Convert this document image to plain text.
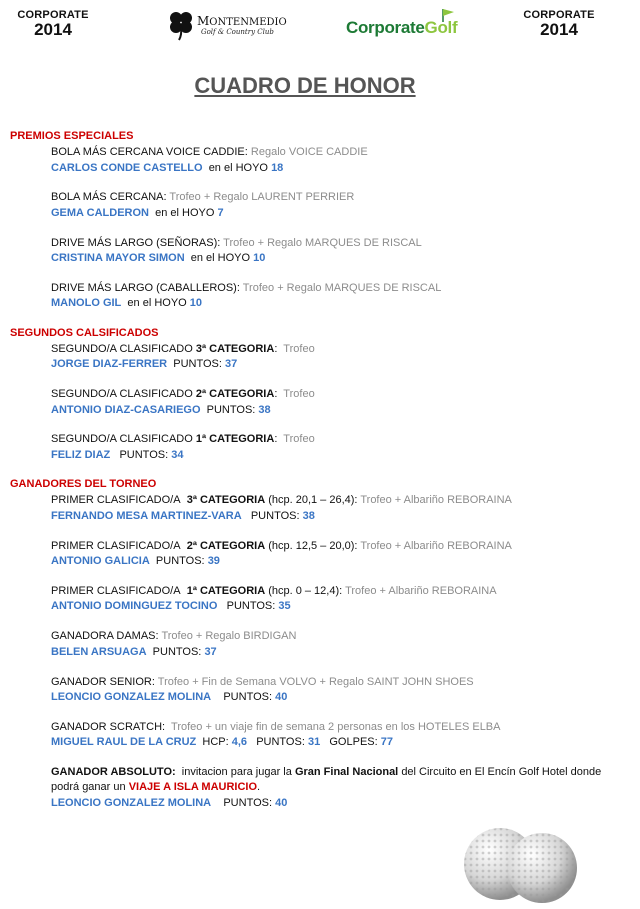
CORPORATE
2014	MONTENMEDIO
Golf & Country Club	CorporateGolf
CORPORATE
2014
CUADRO DE HONOR
PREMIOS ESPECIALES
BOLA MÁS CERCANA VOICE CADDIE: Regalo VOICE CADDIE
CARLOS CONDE CASTELLO en el HOYO 18
BOLA MÁS CERCANA: Trofeo + Regalo LAURENT PERRIER
GEMA CALDERON en el HOYO 7
DRIVE MÁS LARGO (SEÑORAS): Trofeo + Regalo MARQUES DE RISCAL
CRISTINA MAYOR SIMON en el HOYO 10
DRIVE MÁS LARGO (CABALLEROS): Trofeo + Regalo MARQUES DE RISCAL
MANOLO GIL en el HOYO 10
SEGUNDOS CALSIFICADOS
SEGUNDO/A CLASIFICADO 3ª CATEGORIA: Trofeo
JORGE DIAZ-FERRER PUNTOS: 37
SEGUNDO/A CLASIFICADO 2ª CATEGORIA: Trofeo
ANTONIO DIAZ-CASARIEGO PUNTOS: 38
SEGUNDO/A CLASIFICADO 1ª CATEGORIA: Trofeo
FELIZ DIAZ PUNTOS: 34
GANADORES DEL TORNEO
PRIMER CLASIFICADO/A 3ª CATEGORIA (hcp. 20,1 – 26,4): Trofeo + Albariño REBORAINA
FERNANDO MESA MARTINEZ-VARA PUNTOS: 38
PRIMER CLASIFICADO/A 2ª CATEGORIA (hcp. 12,5 – 20,0): Trofeo + Albariño REBORAINA
ANTONIO GALICIA PUNTOS: 39
PRIMER CLASIFICADO/A 1ª CATEGORIA (hcp. 0 – 12,4): Trofeo + Albariño REBORAINA
ANTONIO DOMINGUEZ TOCINO PUNTOS: 35
GANADORA DAMAS: Trofeo + Regalo BIRDIGAN
BELEN ARSUAGA PUNTOS: 37
GANADOR SENIOR: Trofeo + Fin de Semana VOLVO + Regalo SAINT JOHN SHOES
LEONCIO GONZALEZ MOLINA PUNTOS: 40
GANADOR SCRATCH: Trofeo + un viaje fin de semana 2 personas en los HOTELES ELBA
MIGUEL RAUL DE LA CRUZ HCP: 4,6 PUNTOS: 31 GOLPES: 77
GANADOR ABSOLUTO: invitacion para jugar la Gran Final Nacional del Circuito en El Encín Golf Hotel donde
podrá ganar un VIAJE A ISLA MAURICIO.
LEONCIO GONZALEZ MOLINA PUNTOS: 40
